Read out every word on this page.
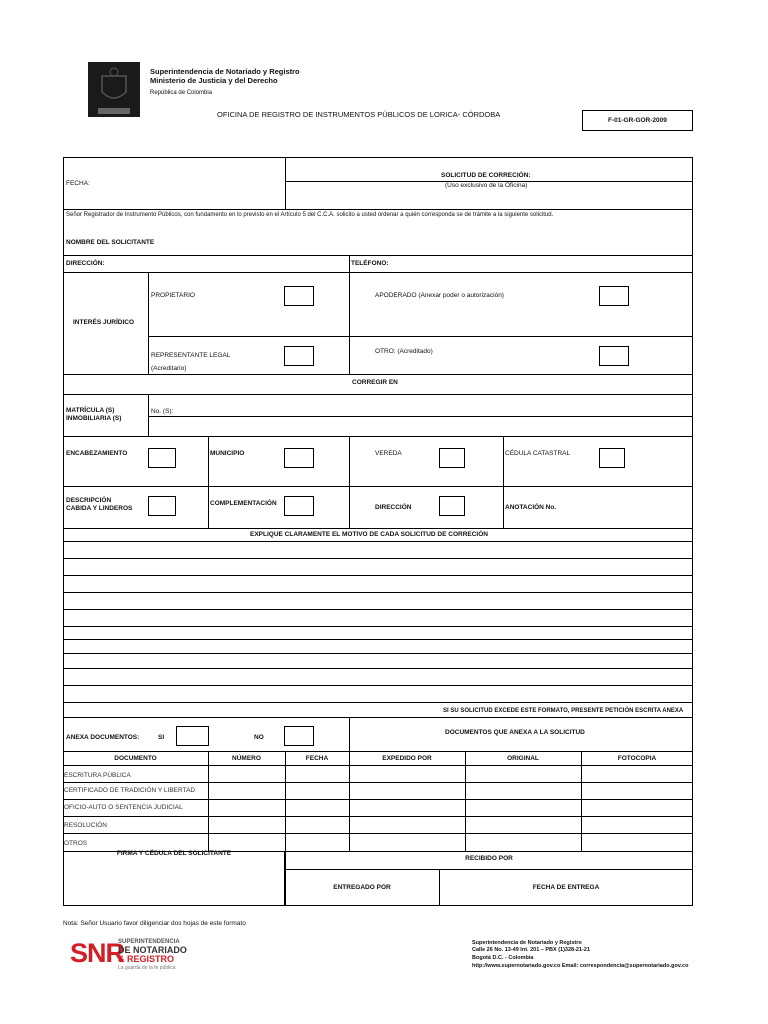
Superintendencia de Notariado y Registro
Ministerio de Justicia y del Derecho
República de Colombia
OFICINA DE REGISTRO DE INSTRUMENTOS PÚBLICOS DE LORICA- CÓRDOBA
F-01-GR-GOR-2009
FECHA:
SOLICITUD DE CORRECIÓN:
(Uso exclusivo de la Oficina)
Señor Registrador de Instrumento Públicos, con fundamento en lo previsto en el Artículo 5 del C.C.A. solicito a usted ordenar a quién corresponda se de trámite a la siguiente solicitud.
NOMBRE DEL SOLICITANTE
DIRECCIÓN:	TELÉFONO:
INTERÉS JURÍDICO
PROPIETARIO	APODERADO (Anexar poder o autorización)
REPRESENTANTE LEGAL
(Acreditario)
OTRO: (Acreditado)
CORREGIR EN
MATRÍCULA (S)
INMOBILIARIA (S)
No. (S):
ENCABEZAMIENTO	MUNICIPIO	VEREDA	CÉDULA CATASTRAL
DESCRIPCIÓN
CABIDA Y LINDEROS
COMPLEMENTACIÓN
DIRECCIÓN	ANOTACIÓN No.
EXPLIQUE CLARAMENTE EL MOTIVO DE CADA SOLICITUD DE CORRECIÓN
SI SU SOLICITUD EXCEDE ESTE FORMATO, PRESENTE PETICIÓN ESCRITA ANEXA
ANEXA DOCUMENTOS:	SI	NO
DOCUMENTOS QUE ANEXA A LA SOLICITUD
DOCUMENTO	NÚMERO	FECHA	EXPEDIDO POR	ORIGINAL	FOTOCOPIA
ESCRITURA PÚBLICA
CERTIFICADO DE TRADICIÓN Y LIBERTAD
OFICIO-AUTO O SENTENCIA JUDICIAL
RESOLUCIÓN
OTROS
FIRMA Y CÉDULA DEL SOLICITANTE
RECIBIDO POR
ENTREGADO POR	FECHA DE ENTREGA
Nota: Señor Usuario favor diligenciar dos hojas de este formato
SNR
SUPERINTENDENCIA
DE NOTARIADO
& REGISTRO
La guarda de la fe pública
Superintendencia de Notariado y Registro
Calle 26 No. 13-49 Int. 201 – PBX (1)328-21-21
Bogotá D.C. - Colombia
http://www.supernotariado.gov.co Email: correspondencia@supernotariado.gov.co
